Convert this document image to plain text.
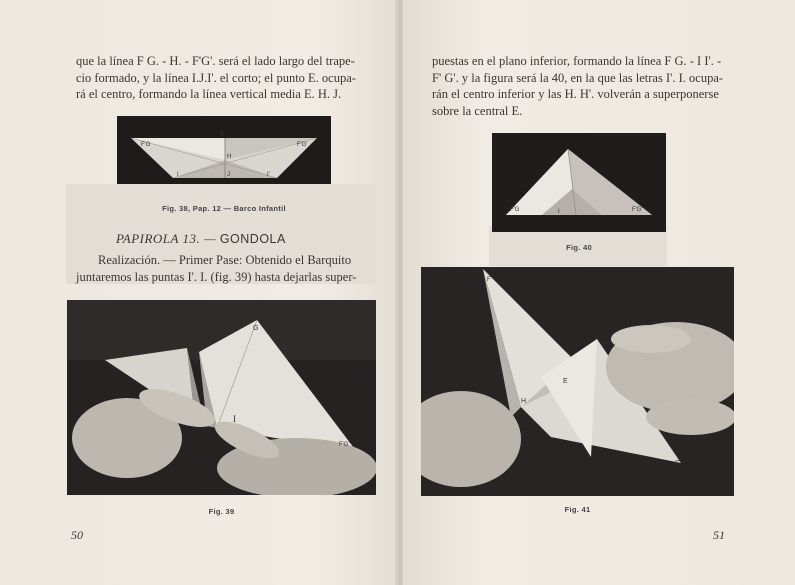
que la línea F G. - H. - F'G'. será el lado largo del trape-
cio formado, y la línea I.J.I'. el corto; el punto E. ocupa-
rá el centro, formando la línea vertical media E. H. J.
E
F'G	F'G'
H
I	J	I'

Fig. 38, Pap. 12 — Barco Infantil

PAPIROLA 13. — GONDOLA

Realización. — Primer Pase: Obtenido el Barquito
juntaremos las puntas I'. I. (fig. 39) hasta dejarlas super-
I'
I
F'G'
G

Fig. 39

50

puestas en el plano inferior, formando la línea F G. - I I'. -
F' G'. y la figura será la 40, en la que las letras I'. I. ocupa-
rán el centro inferior y las H. H'. volverán a superponerse
sobre la central E.
F'G	F'G'
I

Fig. 40

H
H
E
G
F

Fig. 41

51
